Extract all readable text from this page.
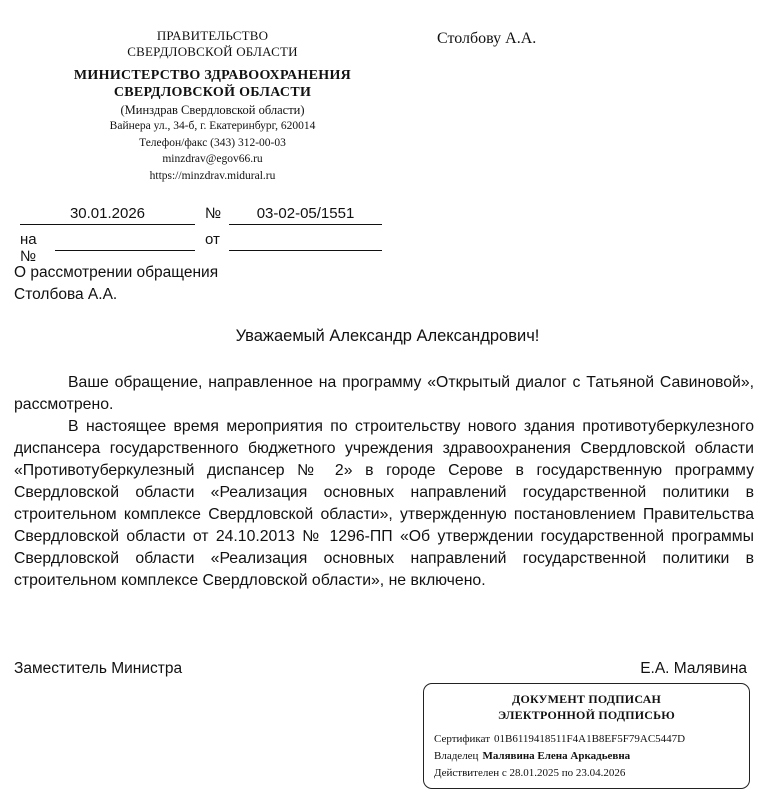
ПРАВИТЕЛЬСТВО
СВЕРДЛОВСКОЙ ОБЛАСТИ
МИНИСТЕРСТВО ЗДРАВООХРАНЕНИЯ
СВЕРДЛОВСКОЙ ОБЛАСТИ
(Минздрав Свердловской области)
Вайнера ул., 34-б, г. Екатеринбург, 620014
Телефон/факс (343) 312-00-03
minzdrav@egov66.ru
https://minzdrav.midural.ru
Столбову А.А.
30.01.2026	№	03-02-05/1551
на №
от
О рассмотрении обращения
Столбова А.А.
Уважаемый Александр Александрович!

Ваше обращение, направленное на программу «Открытый диалог с Татьяной Савиновой», рассмотрено.

В настоящее время мероприятия по строительству нового здания противотуберкулезного диспансера государственного бюджетного учреждения здравоохранения Свердловской области «Противотуберкулезный диспансер № 2» в городе Серове в государственную программу Свердловской области «Реализация основных направлений государственной политики в строительном комплексе Свердловской области», утвержденную постановлением Правительства Свердловской области от 24.10.2013 № 1296-ПП «Об утверждении государственной программы Свердловской области «Реализация основных направлений государственной политики в строительном комплексе Свердловской области», не включено.

Заместитель Министра	Е.А. Малявина
ДОКУМЕНТ ПОДПИСАН
ЭЛЕКТРОННОЙ ПОДПИСЬЮ
Сертификат 01B6119418511F4A1B8EF5F79AC5447D
Владелец Малявина Елена Аркадьевна
Действителен с 28.01.2025 по 23.04.2026
